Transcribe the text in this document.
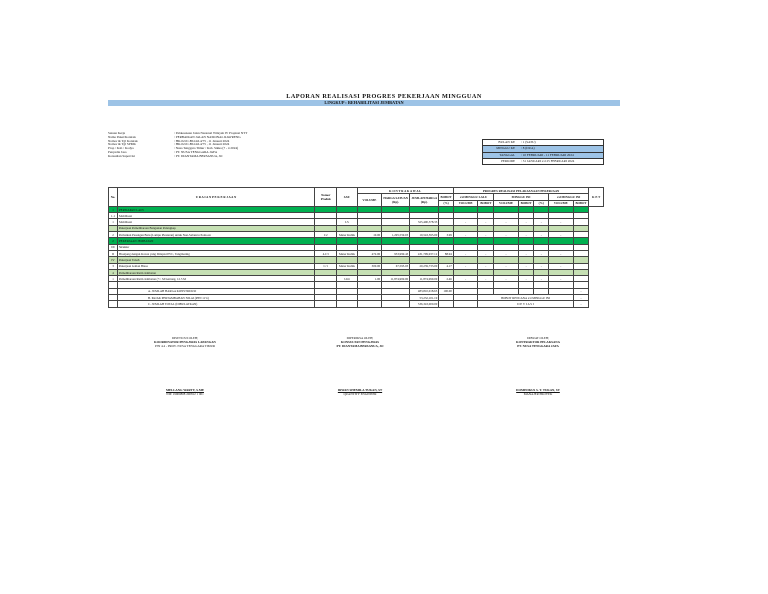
LAPORAN REALISASI PROGRES PEKERJAAN MINGGUAN
LINGKUP : REHABILITASI JEMBATAN
Satuan Kerja	: Pelaksanaan Jalan Nasional Wilayah IV Propinsi NTT
Nama Paket/Kontrak	: PERBAIKAN JALAN NASIONAL RAWRENG
Nomor & Tgl Kontrak	: HK.02.01.Bb14.6.4/75 , 11 Januari 2024
Nomor & Tgl SPMK	: HK.02.01.Bb14.6.4/75 , 11 Januari 2024
Prop / Kab / Kodya	: Nusa Tenggara Timur / Kab. Sikka (7 - 4 2024)
Penyedia Jasa	: PT. NUSA TENGGARA JAYA
Konsultan Supervisi	: PT. DIANTAMA BERSANUA, JO
BULAN KE	: 1 (SATU)
MINGGU KE	: 8 (DUA)
TANGGAL	: 10 FEBRUARI - 11 FEBRUARI 2024
PERIODE	: 31 JANUARI s/d 25 FEBRUARI 2024
No.	U R A I A N P E K E R J A A N	Nomor Produk	SAT.	K O N T R A K A W A L				PROGRES REALISASI PELAKSANAAN PEKERJAAN							K E T
				VOLUME	HARGA SATUAN (Rp).	JUMLAH HARGA (Rp).	BOBOT	s/d MINGGU LALU		MINGGU INI			s/d MINGGU INI		
							(%)	VOLUME	BOBOT	VOLUME	BOBOT	(%)	VOLUME	BOBOT	
1	PERSIAPAN LAIN														
1.1	Mobilisasi														
1	Mobilisasi		LS			325,400,378.35		-	-	-	-	-	-		
	Pekerjaan Pemeliharaan Bangunan Pelengkap														
2	Perbaikan Pasangan Batu (Lampu Plesteran) untuk Non-Sabuncu Pontoon	C2	Meter Kubik	10.00	1,295,559.03	19,543,595.00	3.99	-	-	-	-	-	-		
2	PEKERJAAN JEMBATAN														
III	Struktur														
II	Bronjong dengan Kawat yang Dilapisi PVC, Tangmaring	4.C3	Meter Kubik	472.00	933,999.43	431,799,937.12	88.94	-	-	-	-	-	-		
IV	Pekerjaan Tanah														
3	Pekerjaan Galian Biasa	C/1	Meter Kubik	300.00	67,595.03	20,239,733.00	4.17	-	-	-	-	-	-		
4	Pemeliharaan Rutin Jembatan														
1	Pemeliharaan Rutin Jembatan (+/- M bentang, 12.5 M		Unit	1.00	11,874,999.00	11,874,999.00	2.46	-	-	-	-	-	-		

	A. JUMLAH HARGA KONSTRUKSI					483,810,018.65	100.00							-	
	B. PAJAK PERTAMBAHAN NILAI (PPN 11%)					53,232,101.19			BOBOT RENCANA s/d MINGGU INI					-	
	C. JUMLAH TOTAL (DIBULATKAN)					536,343,000.00			D E V I A S I					-	
DISETUJUI OLEH;
KOORDINATOR PENGAWAS LAPANGAN
PJN 4.4 - PROV. NUSA TENGGARA TIMUR
MELLANG WARTY, S.ME
NIP. 19900808 200812 1 001
DIPERIKSA OLEH;
KONSULTAN PENGAWAS
PT. DIANTAMA BERSANUA, JO
IRWAN SHEMILA TUKAN, ST
QUANTITY ENGINEER
DIBUAT OLEH;
KONTRAKTOR PELAKSANA
PT. NUSA TENGGARA JAYA
DOMINIKUS S. T. TUKAN, ST
MANAJER PROYEK
